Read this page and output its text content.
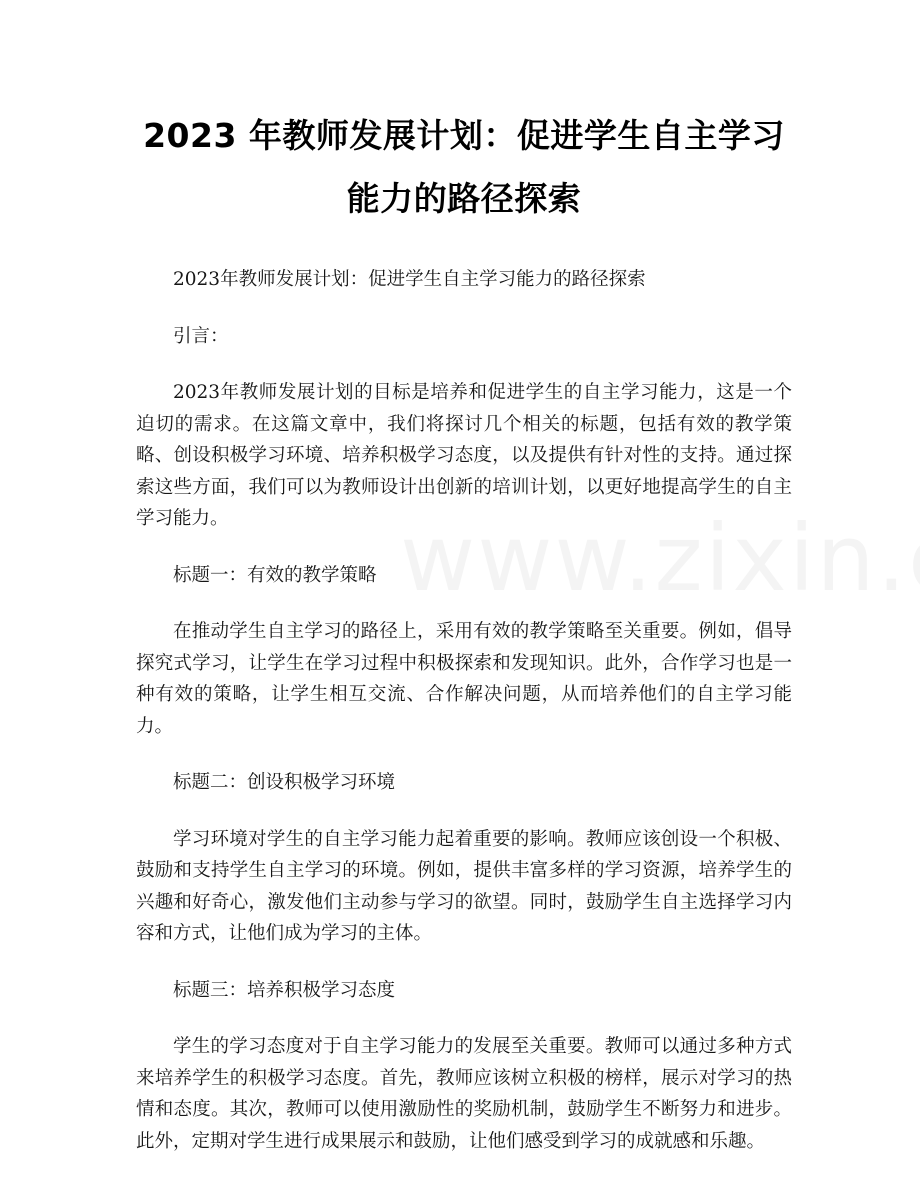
2023 年教师发展计划：促进学生自主学习能力的路径探索

2023年教师发展计划：促进学生自主学习能力的路径探索

引言：

2023年教师发展计划的目标是培养和促进学生的自主学习能力，这是一个迫切的需求。在这篇文章中，我们将探讨几个相关的标题，包括有效的教学策略、创设积极学习环境、培养积极学习态度，以及提供有针对性的支持。通过探索这些方面，我们可以为教师设计出创新的培训计划，以更好地提高学生的自主学习能力。

标题一：有效的教学策略

在推动学生自主学习的路径上，采用有效的教学策略至关重要。例如，倡导探究式学习，让学生在学习过程中积极探索和发现知识。此外，合作学习也是一种有效的策略，让学生相互交流、合作解决问题，从而培养他们的自主学习能力。

标题二：创设积极学习环境

学习环境对学生的自主学习能力起着重要的影响。教师应该创设一个积极、鼓励和支持学生自主学习的环境。例如，提供丰富多样的学习资源，培养学生的兴趣和好奇心，激发他们主动参与学习的欲望。同时，鼓励学生自主选择学习内容和方式，让他们成为学习的主体。

标题三：培养积极学习态度

学生的学习态度对于自主学习能力的发展至关重要。教师可以通过多种方式来培养学生的积极学习态度。首先，教师应该树立积极的榜样，展示对学习的热情和态度。其次，教师可以使用激励性的奖励机制，鼓励学生不断努力和进步。此外，定期对学生进行成果展示和鼓励，让他们感受到学习的成就感和乐趣。
